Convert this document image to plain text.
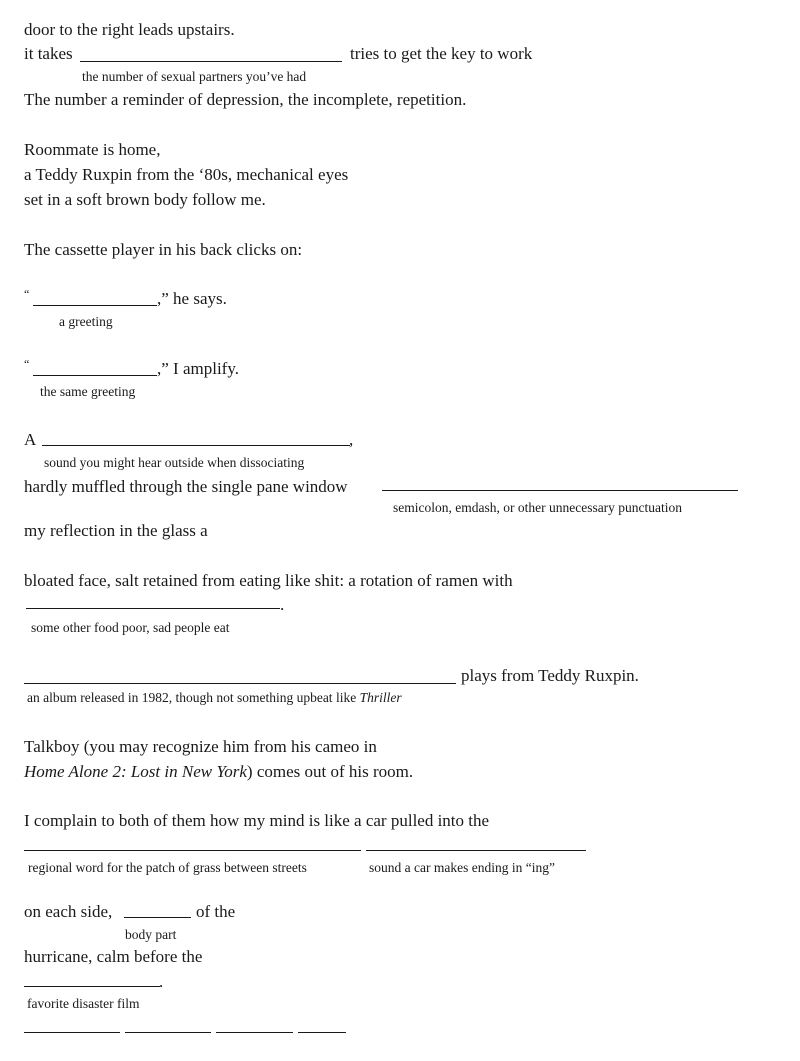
door to the right leads upstairs.
it takes	tries to get the key to work
the number of sexual partners you’ve had
The number a reminder of depression, the incomplete, repetition.
Roommate is home,
a Teddy Ruxpin from the ‘80s, mechanical eyes
set in a soft brown body follow me.
The cassette player in his back clicks on:
“	,” he says.
a greeting
“	,” I amplify.
the same greeting
A	,
sound you might hear outside when dissociating
hardly muffled through the single pane window
semicolon, emdash, or other unnecessary punctuation
my reflection in the glass a
bloated face, salt retained from eating like shit: a rotation of ramen with
.
some other food poor, sad people eat
plays from Teddy Ruxpin.
an album released in 1982, though not something upbeat like Thriller
Talkboy (you may recognize him from his cameo in
Home Alone 2: Lost in New York) comes out of his room.
I complain to both of them how my mind is like a car pulled into the
regional word for the patch of grass between streets	sound a car makes ending in “ing”
on each side,	of the
body part
hurricane, calm before the
.
favorite disaster film
